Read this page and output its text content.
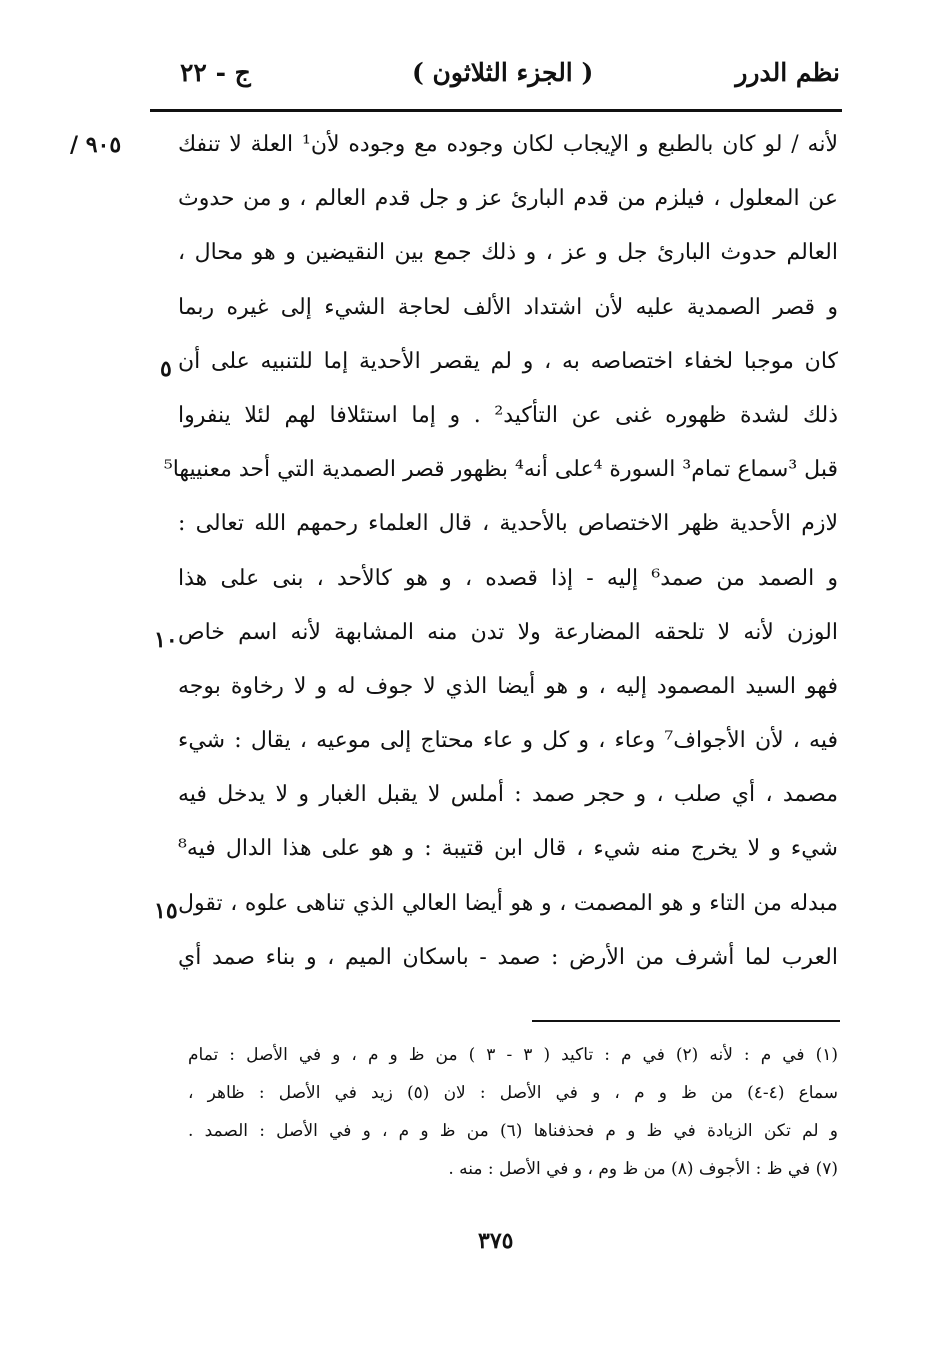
نظم الدرر
( الجزء الثلاثون )
ج - ٢٢
/ ٩٠٥
٥
١٠
١٥
لأنه / لو كان بالطبع و الإيجاب لكان وجوده مع وجوده لأن¹ العلة لا تنفك
عن المعلول ، فيلزم من قدم البارئ عز و جل قدم العالم ، و من حدوث
العالم حدوث البارئ جل و عز ، و ذلك جمع بين النقيضين و هو محال ،
و قصر الصمدية عليه لأن اشتداد الألف لحاجة الشيء إلى غيره ربما
كان موجبا لخفاء اختصاصه به ، و لم يقصر الأحدية إما للتنبيه على أن
ذلك لشدة ظهوره غنى عن التأكيد² . و إما استئلافا لهم لئلا ينفروا
قبل ³سماع تمام³ السورة ⁴على أنه⁴ بظهور قصر الصمدية التي أحد معنييها⁵
لازم الأحدية ظهر الاختصاص بالأحدية ، قال العلماء رحمهم الله تعالى :
و الصمد من صمد⁶ إليه - إذا قصده ، و هو كالأحد ، بنى على هذا
الوزن لأنه لا تلحقه المضارعة ولا تدن منه المشابهة لأنه اسم خاص
فهو السيد المصمود إليه ، و هو أيضا الذي لا جوف له و لا رخاوة بوجه
فيه ، لأن الأجواف⁷ وعاء ، و كل و عاء محتاج إلى موعيه ، يقال : شيء
مصمد ، أي صلب ، و حجر صمد : أملس لا يقبل الغبار و لا يدخل فيه
شيء و لا يخرج منه شيء ، قال ابن قتيبة : و هو على هذا الدال فيه⁸
مبدله من التاء و هو المصمت ، و هو أيضا العالي الذي تناهى علوه ، تقول
العرب لما أشرف من الأرض : صمد - باسكان الميم ، و بناء صمد أي
(١) في م : لأنه (٢) في م : تاكيد ( ٣ - ٣ ) من ظ و م ، و في الأصل : تمام
سماع (٤-٤) من ظ و م ، و في الأصل : لان (٥) زيد في الأصل : ظاهر ،
و لم تكن الزيادة في ظ و م فحذفناها (٦) من ظ و م ، و في الأصل : الصمد .
(٧) في ظ : الأجوف (٨) من ظ وم ، و في الأصل : منه .
٣٧٥
